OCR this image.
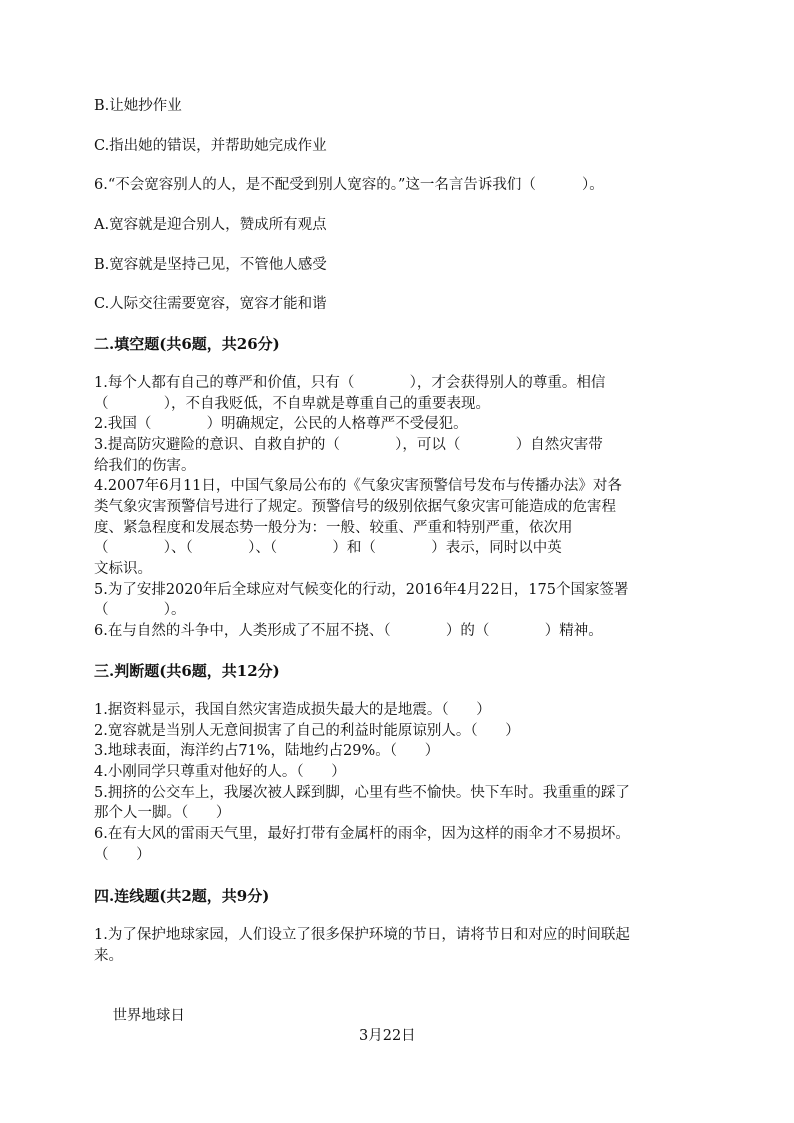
B.让她抄作业
C.指出她的错误，并帮助她完成作业
6.“不会宽容别人的人，是不配受到别人宽容的。”这一名言告诉我们（          ）。
A.宽容就是迎合别人，赞成所有观点
B.宽容就是坚持己见，不管他人感受
C.人际交往需要宽容，宽容才能和谐
二.填空题(共6题，共26分)
1.每个人都有自己的尊严和价值，只有（            ），才会获得别人的尊重。相信
（            ），不自我贬低，不自卑就是尊重自己的重要表现。
2.我国（            ）明确规定，公民的人格尊严不受侵犯。
3.提高防灾避险的意识、自救自护的（            ），可以（            ）自然灾害带
给我们的伤害。
4.2007年6月11日，中国气象局公布的《气象灾害预警信号发布与传播办法》对各
类气象灾害预警信号进行了规定。预警信号的级别依据气象灾害可能造成的危害程
度、紧急程度和发展态势一般分为：一般、较重、严重和特别严重，依次用
（            ）、（            ）、（            ）和（            ）表示，同时以中英
文标识。
5.为了安排2020年后全球应对气候变化的行动，2016年4月22日，175个国家签署
（            ）。
6.在与自然的斗争中，人类形成了不屈不挠、（            ）的（            ）精神。
三.判断题(共6题，共12分)
1.据资料显示，我国自然灾害造成损失最大的是地震。（      ）
2.宽容就是当别人无意间损害了自己的利益时能原谅别人。（      ）
3.地球表面，海洋约占71%，陆地约占29%。（      ）
4.小刚同学只尊重对他好的人。（      ）
5.拥挤的公交车上，我屡次被人踩到脚，心里有些不愉快。快下车时。我重重的踩了
那个人一脚。（      ）
6.在有大风的雷雨天气里，最好打带有金属杆的雨伞，因为这样的雨伞才不易损坏。
（      ）
四.连线题(共2题，共9分)
1.为了保护地球家园，人们设立了很多保护环境的节日，请将节日和对应的时间联起
来。

世界地球日

3月22日
